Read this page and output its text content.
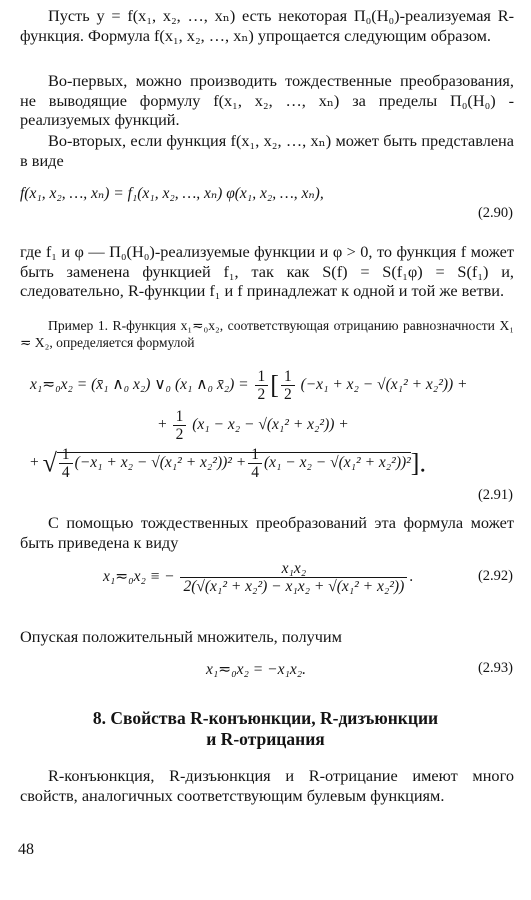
Пусть y = f(x₁, x₂, …, xₙ) есть некоторая Π₀(H₀)-реализуемая R-функция. Формула f(x₁, x₂, …, xₙ) упрощается следующим образом.
Во-первых, можно производить тождественные преобразования, не выводящие формулу f(x₁, x₂, …, xₙ) за пределы Π₀(H₀) - реализуемых функций.
Во-вторых, если функция f(x₁, x₂, …, xₙ) может быть представлена в виде
f(x₁, x₂, …, xₙ) = f₁(x₁, x₂, …, xₙ) φ(x₁, x₂, …, xₙ),
(2.90)
где f₁ и φ — Π₀(H₀)-реализуемые функции и φ > 0, то функция f может быть заменена функцией f₁, так как S(f) = S(f₁φ) = S(f₁) и, следовательно, R-функции f₁ и f принадлежат к одной и той же ветви.
Пример 1. R-функция x₁≂₀x₂, соответствующая отрицанию равнозначности X₁ ≂ X₂, определяется формулой
x₁≂₀x₂ = (x̄₁ ∧₀ x₂) ∨₀ (x₁ ∧₀ x̄₂) = $\frac{1}{2}$ [ $\frac{1}{2} (-x_1 + x_2 - √(x_1^2 + x_2^2))$ +
+ $\frac{1}{2} (x_1 - x_2 - √(x_1^2 + x_2^2))$ +
+ √ $\frac{1}{4} (-x_1 + x_2 - √(x_1^2 + x_2^2))^2 + \frac{1}{4} (x_1 - x_2 - √(x_1^2 + x_2^2))^2$].
(2.91)
С помощью тождественных преобразований эта формула может быть приведена к виду
x₁≂₀x₂ ≡ − $\frac{\text{x₁x₂}}{\text{2(√(x₁² + x₂²) − x₁x₂ + √(x₁² + x₂²))}}$ .	(2.92)
Опуская положительный множитель, получим
x₁≂₀x₂ = −x₁x₂.	(2.93)
8. Свойства R-конъюнкции, R-дизъюнкции
и R-отрицания
R-конъюнкция, R-дизъюнкция и R-отрицание имеют много свойств, аналогичных соответствующим булевым функциям.
48
